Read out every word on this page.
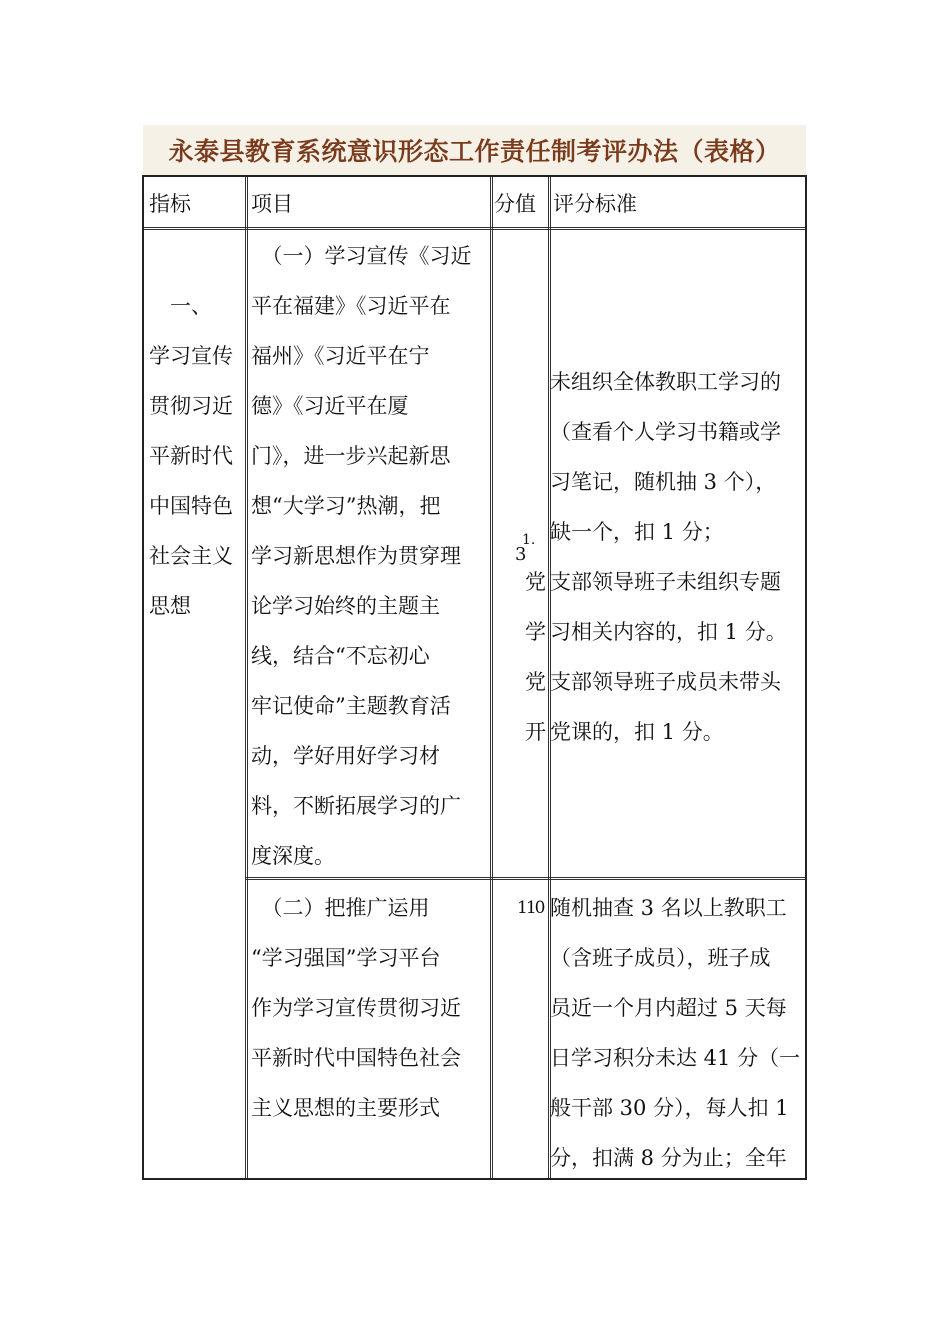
永泰县教育系统意识形态工作责任制考评办法（表格）
指标	项目	分值 评分标准
　一、
学习宣传
贯彻习近
平新时代
中国特色
社会主义
思想
　（一）学习宣传《习近
平在福建》《习近平在
福州》《习近平在宁
德》《习近平在厦
门》，进一步兴起新思
想“大学习”热潮，把
学习新思想作为贯穿理
论学习始终的主题主
线，结合“不忘初心
牢记使命”主题教育活
动，学好用好学习材
料，不断拓展学习的广
度深度。
1.
未组织全体教职工学习的
（查看个人学习书籍或学
习笔记，随机抽 3 个），
缺一个，扣 1 分；
3
党 支部领导班子未组织专题
学 习相关内容的，扣 1 分。
党 支部领导班子成员未带头
开 党课的，扣 1 分。
　（二）把推广运用
“学习强国”学习平台
作为学习宣传贯彻习近
平新时代中国特色社会
主义思想的主要形式
110 随机抽查 3 名以上教职工
（含班子成员），班子成
员近一个月内超过 5 天每
日学习积分未达 41 分（一
般干部 30 分），每人扣 1
分，扣满 8 分为止；全年
